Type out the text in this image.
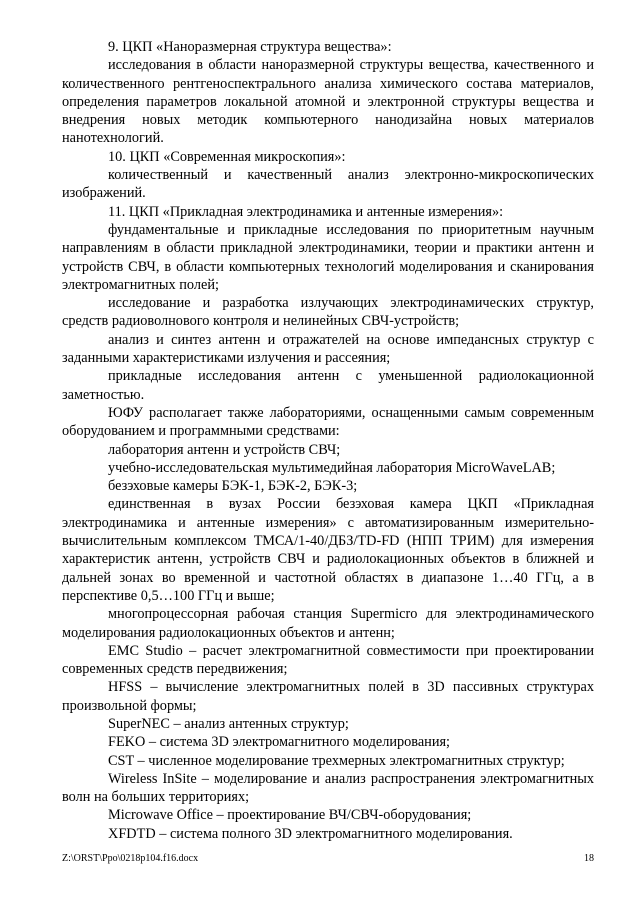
9. ЦКП «Наноразмерная структура вещества»:

исследования в области наноразмерной структуры вещества, качественного и количественного рентгеноспектрального анализа химического состава материалов, определения параметров локальной атомной и электронной структуры вещества и внедрения новых методик компьютерного нанодизайна новых материалов нанотехнологий.

10. ЦКП «Современная микроскопия»:

количественный и качественный анализ электронно-микроскопических изображений.

11. ЦКП «Прикладная электродинамика и антенные измерения»:

фундаментальные и прикладные исследования по приоритетным научным направлениям в области прикладной электродинамики, теории и практики антенн и устройств СВЧ, в области компьютерных технологий моделирования и сканирования электромагнитных полей;

исследование и разработка излучающих электродинамических структур, средств радиоволнового контроля и нелинейных СВЧ-устройств;

анализ и синтез антенн и отражателей на основе импедансных структур с заданными характеристиками излучения и рассеяния;

прикладные исследования антенн с уменьшенной радиолокационной заметностью.

ЮФУ располагает также лабораториями, оснащенными самым современным оборудованием и программными средствами:

лаборатория антенн и устройств СВЧ;

учебно-исследовательская мультимедийная лаборатория MicroWaveLAB;

безэховые камеры БЭК-1, БЭК-2, БЭК-3;

единственная в вузах России безэховая камера ЦКП «Прикладная электродинамика и антенные измерения» с автоматизированным измерительно-вычислительным комплексом ТМСА/1-40/ДБЗ/TD-FD (НПП ТРИМ) для измерения характеристик антенн, устройств СВЧ и радиолокационных объектов в ближней и дальней зонах во временной и частотной областях в диапазоне 1…40 ГГц, а в перспективе 0,5…100 ГГц и выше;

многопроцессорная рабочая станция Supermicro для электродинамического моделирования радиолокационных объектов и антенн;

EMC Studio – расчет электромагнитной совместимости при проектировании современных средств передвижения;

HFSS – вычисление электромагнитных полей в 3D пассивных структурах произвольной формы;

SuperNEC – анализ антенных структур;

FEKO – система 3D электромагнитного моделирования;

CST – численное моделирование трехмерных электромагнитных структур;

Wireless InSite – моделирование и анализ распространения электромагнитных волн на больших территориях;

Microwave Office – проектирование ВЧ/СВЧ-оборудования;

XFDTD – система полного 3D электромагнитного моделирования.

Z:\ORST\Ppo\0218p104.f16.docx	18
